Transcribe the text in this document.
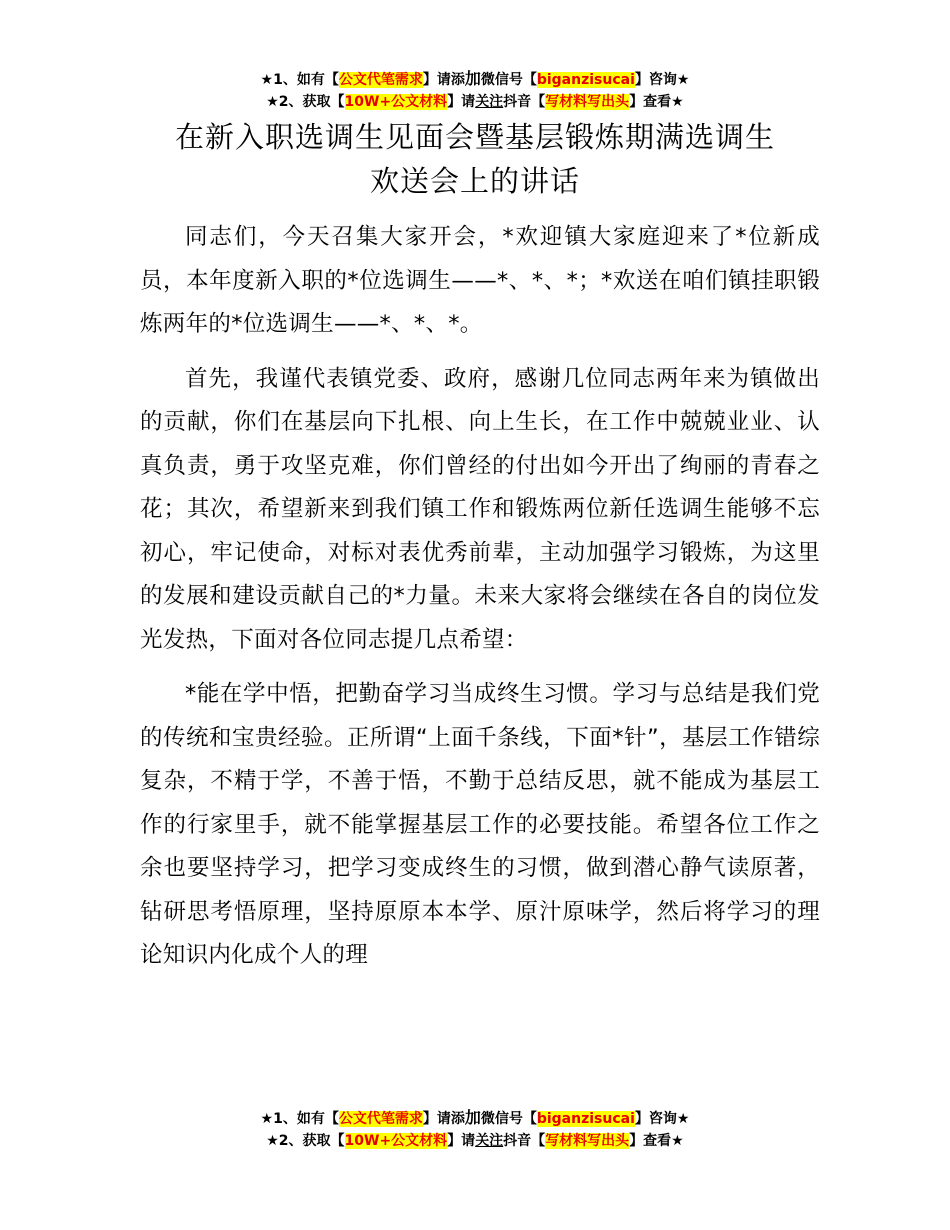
★1、如有【公文代笔需求】请添加微信号【biganzisucai】咨询★
★2、获取【10W+公文材料】请关注抖音【写材料写出头】查看★
在新入职选调生见面会暨基层锻炼期满选调生
欢送会上的讲话

同志们，今天召集大家开会，*欢迎镇大家庭迎来了*位新成员，本年度新入职的*位选调生——*、*、*；*欢送在咱们镇挂职锻炼两年的*位选调生——*、*、*。

首先，我谨代表镇党委、政府，感谢几位同志两年来为镇做出的贡献，你们在基层向下扎根、向上生长，在工作中兢兢业业、认真负责，勇于攻坚克难，你们曾经的付出如今开出了绚丽的青春之花；其次，希望新来到我们镇工作和锻炼两位新任选调生能够不忘初心，牢记使命，对标对表优秀前辈，主动加强学习锻炼，为这里的发展和建设贡献自己的*力量。未来大家将会继续在各自的岗位发光发热，下面对各位同志提几点希望：

*能在学中悟，把勤奋学习当成终生习惯。学习与总结是我们党的传统和宝贵经验。正所谓“上面千条线，下面*针”，基层工作错综复杂，不精于学，不善于悟，不勤于总结反思，就不能成为基层工作的行家里手，就不能掌握基层工作的必要技能。希望各位工作之余也要坚持学习，把学习变成终生的习惯，做到潜心静气读原著，钻研思考悟原理，坚持原原本本学、原汁原味学，然后将学习的理论知识内化成个人的理

★1、如有【公文代笔需求】请添加微信号【biganzisucai】咨询★
★2、获取【10W+公文材料】请关注抖音【写材料写出头】查看★
